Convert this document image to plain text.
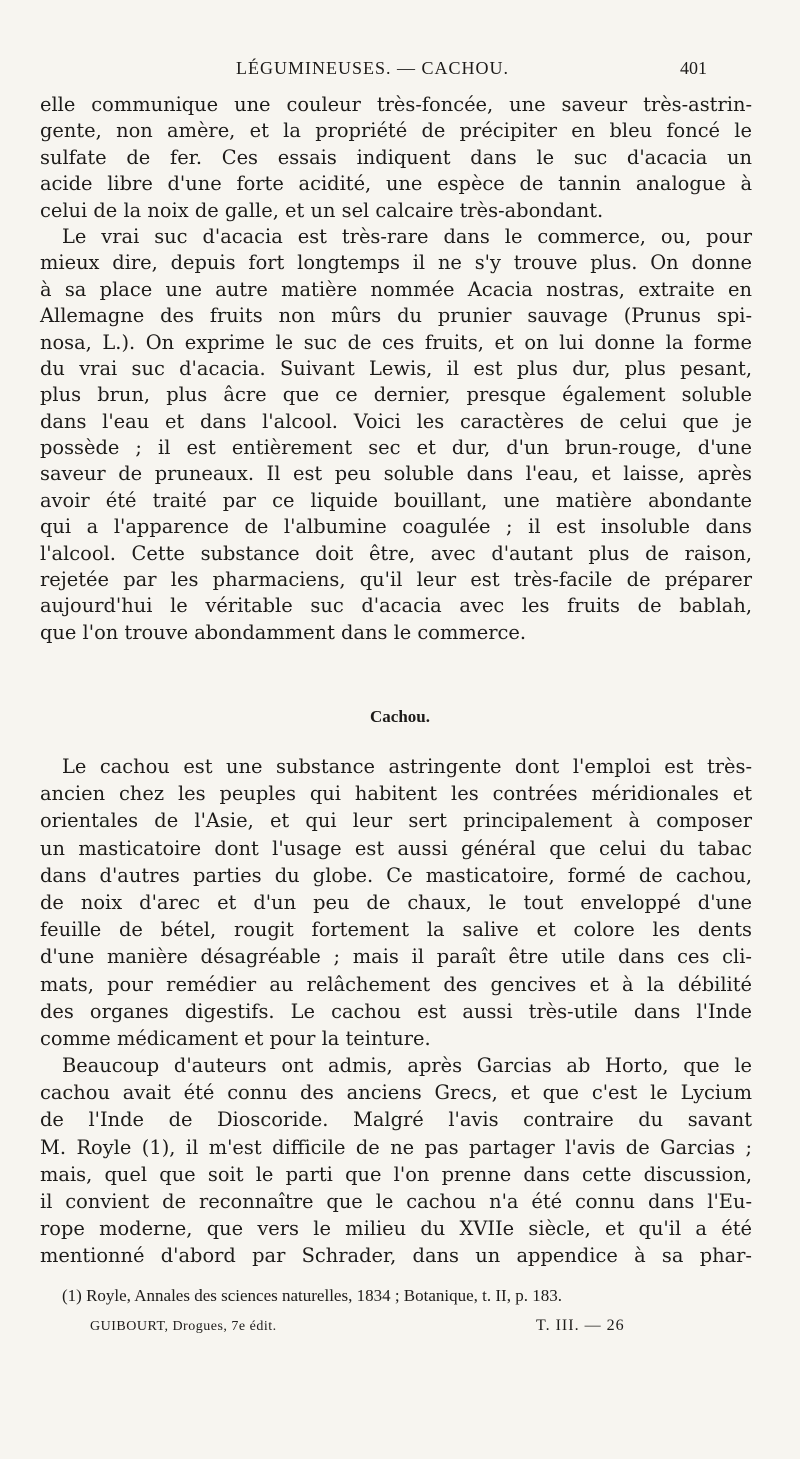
LÉGUMINEUSES. — CACHOU.	401
elle communique une couleur très-foncée, une saveur très-astrin-
gente, non amère, et la propriété de précipiter en bleu foncé le
sulfate de fer. Ces essais indiquent dans le suc d'acacia un
acide libre d'une forte acidité, une espèce de tannin analogue à
celui de la noix de galle, et un sel calcaire très-abondant.
Le vrai suc d'acacia est très-rare dans le commerce, ou, pour
mieux dire, depuis fort longtemps il ne s'y trouve plus. On donne
à sa place une autre matière nommée Acacia nostras, extraite en
Allemagne des fruits non mûrs du prunier sauvage (Prunus spi-
nosa, L.). On exprime le suc de ces fruits, et on lui donne la forme
du vrai suc d'acacia. Suivant Lewis, il est plus dur, plus pesant,
plus brun, plus âcre que ce dernier, presque également soluble
dans l'eau et dans l'alcool. Voici les caractères de celui que je
possède ; il est entièrement sec et dur, d'un brun-rouge, d'une
saveur de pruneaux. Il est peu soluble dans l'eau, et laisse, après
avoir été traité par ce liquide bouillant, une matière abondante
qui a l'apparence de l'albumine coagulée ; il est insoluble dans
l'alcool. Cette substance doit être, avec d'autant plus de raison,
rejetée par les pharmaciens, qu'il leur est très-facile de préparer
aujourd'hui le véritable suc d'acacia avec les fruits de bablah,
que l'on trouve abondamment dans le commerce.
Cachou.
Le cachou est une substance astringente dont l'emploi est très-
ancien chez les peuples qui habitent les contrées méridionales et
orientales de l'Asie, et qui leur sert principalement à composer
un masticatoire dont l'usage est aussi général que celui du tabac
dans d'autres parties du globe. Ce masticatoire, formé de cachou,
de noix d'arec et d'un peu de chaux, le tout enveloppé d'une
feuille de bétel, rougit fortement la salive et colore les dents
d'une manière désagréable ; mais il paraît être utile dans ces cli-
mats, pour remédier au relâchement des gencives et à la débilité
des organes digestifs. Le cachou est aussi très-utile dans l'Inde
comme médicament et pour la teinture.
Beaucoup d'auteurs ont admis, après Garcias ab Horto, que le
cachou avait été connu des anciens Grecs, et que c'est le Lycium
de l'Inde de Dioscoride. Malgré l'avis contraire du savant
M. Royle (1), il m'est difficile de ne pas partager l'avis de Garcias ;
mais, quel que soit le parti que l'on prenne dans cette discussion,
il convient de reconnaître que le cachou n'a été connu dans l'Eu-
rope moderne, que vers le milieu du XVIIe siècle, et qu'il a été
mentionné d'abord par Schrader, dans un appendice à sa phar-
(1) Royle, Annales des sciences naturelles, 1834 ; Botanique, t. II, p. 183.
GUIBOURT, Drogues, 7e édit.	T. III. — 26
